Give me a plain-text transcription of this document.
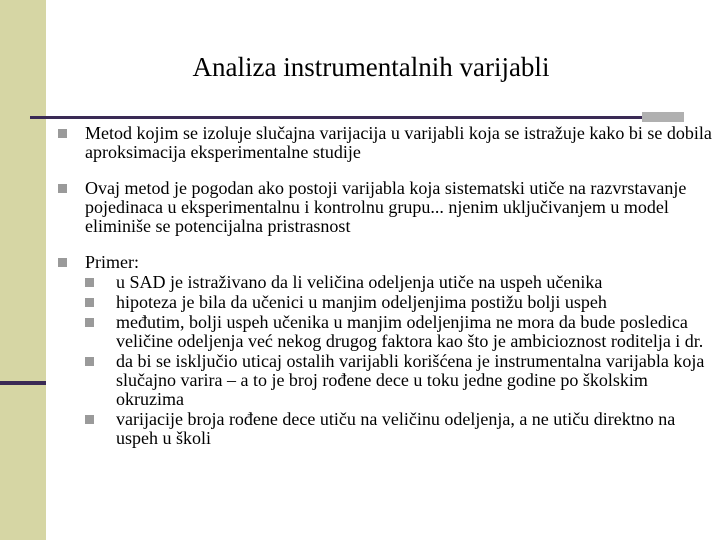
Analiza instrumentalnih varijabli
Metod kojim se izoluje slučajna varijacija u varijabli koja se istražuje kako bi se dobila aproksimacija eksperimentalne studije
Ovaj metod je pogodan ako postoji varijabla koja sistematski utiče na razvrstavanje pojedinaca u eksperimentalnu i kontrolnu grupu... njenim uključivanjem u model eliminiše se potencijalna pristrasnost
Primer:
u SAD je istraživano da li veličina odeljenja utiče na uspeh učenika
hipoteza je bila da učenici u manjim odeljenjima postižu bolji uspeh
međutim, bolji uspeh učenika u manjim odeljenjima ne mora da bude posledica veličine odeljenja već nekog drugog faktora kao što je ambicioznost roditelja i dr.
da bi se isključio uticaj ostalih varijabli korišćena je instrumentalna varijabla koja slučajno varira – a to je broj rođene dece u toku jedne godine po školskim okruzima
varijacije broja rođene dece utiču na veličinu odeljenja, a ne utiču direktno na uspeh u školi
